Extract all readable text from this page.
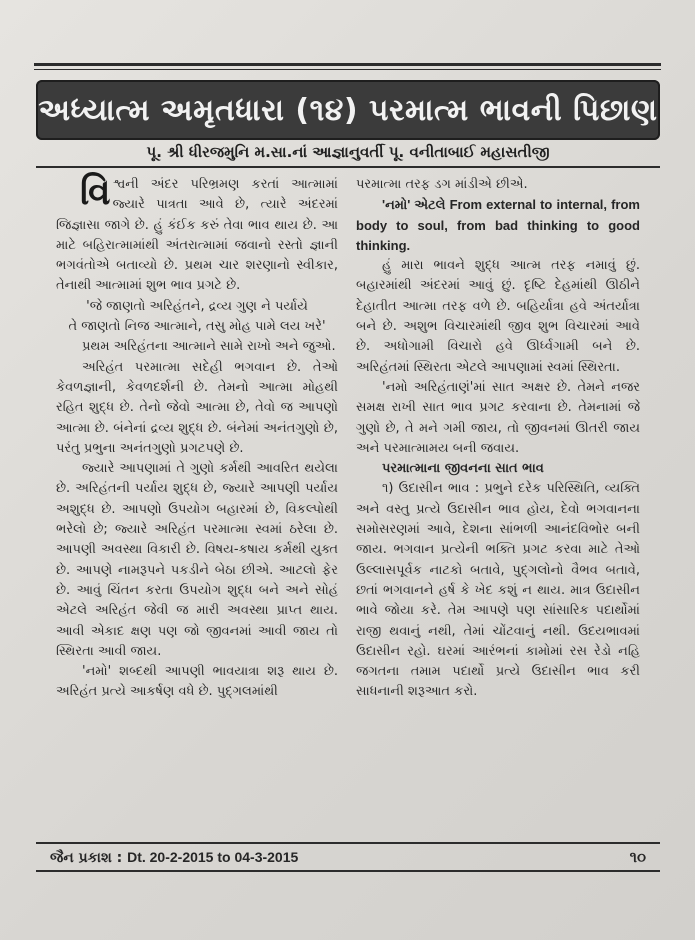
અધ્યાત્મ અમૃતધારા (૧૪) પરમાત્મ ભાવની પિછાણ
પૂ. શ્રી ધીરજમુનિ મ.સા.નાં આજ્ઞાનુવર્તી પૂ. વનીતાબાઈ મહાસતીજી

વિશ્વની અંદર પરિભ્રમણ કરતાં આત્મામાં જ્યારે પાત્રતા આવે છે, ત્યારે અંદરમાં જિજ્ઞાસા જાગે છે. હું કંઈક કરું તેવા ભાવ થાય છે. આ માટે બહિરાત્મામાંથી અંતરાત્મામાં જવાનો રસ્તો જ્ઞાની ભગવંતોએ બતાવ્યો છે. પ્રથમ ચાર શરણાનો સ્વીકાર, તેનાથી આત્મામાં શુભ ભાવ પ્રગટે છે.

'જે જાણતો અરિહંતને, દ્રવ્ય ગુણ ને પર્યાયે

તે જાણતો નિજ આત્માને, તસુ મોહ પામે લય ખરે'

પ્રથમ અરિહંતના આત્માને સામે રાખો અને જુઓ.

અરિહંત પરમાત્મા સદેહી ભગવાન છે. તેઓ કેવળજ્ઞાની, કેવળદર્શની છે. તેમનો આત્મા મોહથી રહિત શુદ્ધ છે. તેનો જેવો આત્મા છે, તેવો જ આપણો આત્મા છે. બંનેનાં દ્રવ્ય શુદ્ધ છે. બંનેમાં અનંતગુણો છે, પરંતુ પ્રભુના અનંતગુણો પ્રગટપણે છે.

જ્યારે આપણામાં તે ગુણો કર્મથી આવરિત થયેલા છે. અરિહંતની પર્યાય શુદ્ધ છે, જ્યારે આપણી પર્યાય અશુદ્ધ છે. આપણો ઉપયોગ બહારમાં છે, વિકલ્પોથી ભરેલો છે; જ્યારે અરિહંત પરમાત્મા સ્વમાં ઠરેલા છે. આપણી અવસ્થા વિકારી છે. વિષય-કષાય કર્મથી યુક્ત છે. આપણે નામરૂપને પકડીને બેઠા છીએ. આટલો ફેર છે. આવું ચિંતન કરતા ઉપયોગ શુદ્ધ બને અને સોહં એટલે અરિહંત જેવી જ મારી અવસ્થા પ્રાપ્ત થાય. આવી એકાદ ક્ષણ પણ જો જીવનમાં આવી જાય તો સ્થિરતા આવી જાય.

'નમો' શબ્દથી આપણી ભાવયાત્રા શરૂ થાય છે. અરિહંત પ્રત્યે આકર્ષણ વધે છે. પુદ્ગલમાંથી

પરમાત્મા તરફ ડગ માંડીએ છીએ.

'નમો' એટલે From external to internal, from body to soul, from bad thinking to good thinking.

હું મારા ભાવને શુદ્ધ આત્મ તરફ નમાવું છું. બહારમાંથી અંદરમાં આવું છું. દૃષ્ટિ દેહમાંથી ઊઠીને દેહાતીત આત્મા તરફ વળે છે. બહિર્યાત્રા હવે અંતર્યાત્રા બને છે. અશુભ વિચારમાંથી જીવ શુભ વિચારમાં આવે છે. અધોગામી વિચારો હવે ઊર્ધ્વગામી બને છે. અરિહંતમાં સ્થિરતા એટલે આપણામાં સ્વમાં સ્થિરતા.

'નમો અરિહંતાણં'માં સાત અક્ષર છે. તેમને નજર સમક્ષ રાખી સાત ભાવ પ્રગટ કરવાના છે. તેમનામાં જે ગુણો છે, તે મને ગમી જાય, તો જીવનમાં ઊતરી જાય અને પરમાત્મામય બની જવાય.

પરમાત્માના જીવનના સાત ભાવ

૧) ઉદાસીન ભાવ : પ્રભુને દરેક પરિસ્થિતિ, વ્યક્તિ અને વસ્તુ પ્રત્યે ઉદાસીન ભાવ હોય, દેવો ભગવાનના સમોસરણમાં આવે, દેશના સાંભળી આનંદવિભોર બની જાય. ભગવાન પ્રત્યેની ભક્તિ પ્રગટ કરવા માટે તેઓ ઉલ્લાસપૂર્વક નાટકો બતાવે, પુદ્ગલોનો વૈભવ બતાવે, છતાં ભગવાનને હર્ષ કે ખેદ કશું ન થાય. માત્ર ઉદાસીન ભાવે જોયા કરે. તેમ આપણે પણ સાંસારિક પદાર્થોમાં રાજી થવાનું નથી, તેમાં ચોંટવાનું નથી. ઉદયભાવમાં ઉદાસીન રહો. ઘરમાં આરંભનાં કામોમાં રસ રેડો નહિ જગતના તમામ પદાર્થો પ્રત્યે ઉદાસીન ભાવ કરી સાધનાની શરૂઆત કરો.

જૈન પ્રકાશ : Dt. 20-2-2015 to 04-3-2015	૧૦
